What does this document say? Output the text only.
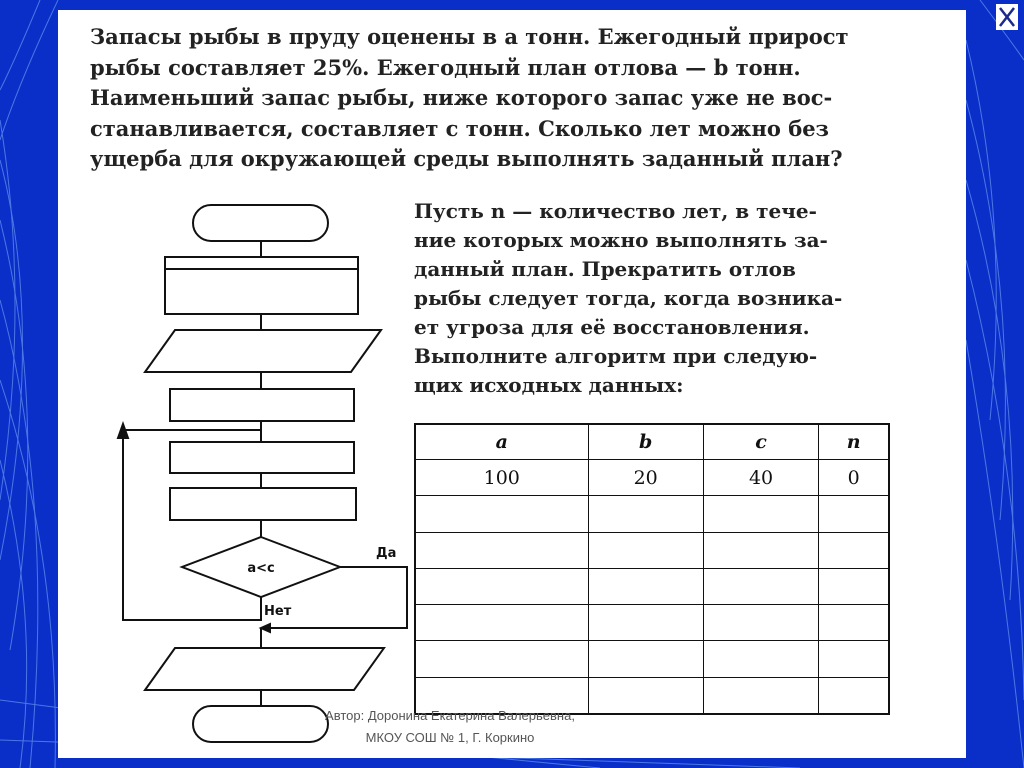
Запасы рыбы в пруду оценены в a тонн. Ежегодный прирост

рыбы составляет 25%. Ежегодный план отлова — b тонн.

Наименьший запас рыбы, ниже которого запас уже не вос-

станавливается, составляет c тонн. Сколько лет можно без

ущерба для окружающей среды выполнять заданный план?

a<c
Да
Нет

Пусть n — количество лет, в тече-

ние которых можно выполнять за-

данный план. Прекратить отлов

рыбы следует тогда, когда возника-

ет угроза для её восстановления.

Выполните алгоритм при следую-

щих исходных данных:

a	b	c	n
100	20	40	0

Автор: Доронина Екатерина Валерьевна,
МКОУ СОШ № 1, Г. Коркино
